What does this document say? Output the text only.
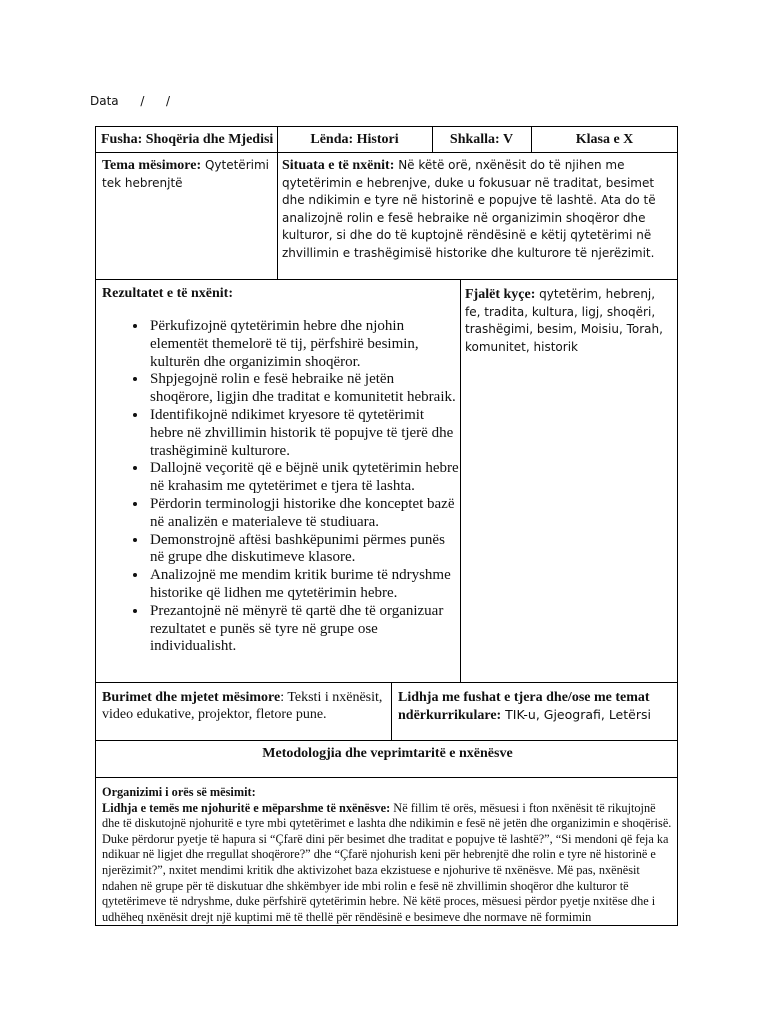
Data / /
Fusha: Shoqëria dhe Mjedisi	Lënda: Histori	Shkalla: V	Klasa e X
Tema mësimore: Qytetërimi tek hebrenjtë
Situata e të nxënit: Në këtë orë, nxënësit do të njihen me qytetërimin e hebrenjve, duke u fokusuar në traditat, besimet dhe ndikimin e tyre në historinë e popujve të lashtë. Ata do të analizojnë rolin e fesë hebraike në organizimin shoqëror dhe kulturor, si dhe do të kuptojnë rëndësinë e këtij qytetërimi në zhvillimin e trashëgimisë historike dhe kulturore të njerëzimit.
Rezultatet e të nxënit:
• Përkufizojnë qytetërimin hebre dhe njohin elementët themelorë të tij, përfshirë besimin, kulturën dhe organizimin shoqëror.
• Shpjegojnë rolin e fesë hebraike në jetën shoqërore, ligjin dhe traditat e komunitetit hebraik.
• Identifikojnë ndikimet kryesore të qytetërimit hebre në zhvillimin historik të popujve të tjerë dhe trashëgiminë kulturore.
• Dallojnë veçoritë që e bëjnë unik qytetërimin hebre në krahasim me qytetërimet e tjera të lashta.
• Përdorin terminologji historike dhe konceptet bazë në analizën e materialeve të studiuara.
• Demonstrojnë aftësi bashkëpunimi përmes punës në grupe dhe diskutimeve klasore.
• Analizojnë me mendim kritik burime të ndryshme historike që lidhen me qytetërimin hebre.
• Prezantojnë në mënyrë të qartë dhe të organizuar rezultatet e punës së tyre në grupe ose individualisht.
Fjalët kyçe: qytetërim, hebrenj, fe, tradita, kultura, ligj, shoqëri, trashëgimi, besim, Moisiu, Torah, komunitet, historik
Burimet dhe mjetet mësimore: Teksti i nxënësit, video edukative, projektor, fletore pune.
Lidhja me fushat e tjera dhe/ose me temat ndërkurrikulare: TIK-u, Gjeografi, Letërsi
Metodologjia dhe veprimtaritë e nxënësve
Organizimi i orës së mësimit:
Lidhja e temës me njohuritë e mëparshme të nxënësve: Në fillim të orës, mësuesi i fton nxënësit të rikujtojnë dhe të diskutojnë njohuritë e tyre mbi qytetërimet e lashta dhe ndikimin e fesë në jetën dhe organizimin e shoqërisë. Duke përdorur pyetje të hapura si “Çfarë dini për besimet dhe traditat e popujve të lashtë?”, “Si mendoni që feja ka ndikuar në ligjet dhe rregullat shoqërore?” dhe “Çfarë njohurish keni për hebrenjtë dhe rolin e tyre në historinë e njerëzimit?”, nxitet mendimi kritik dhe aktivizohet baza ekzistuese e njohurive të nxënësve. Më pas, nxënësit ndahen në grupe për të diskutuar dhe shkëmbyer ide mbi rolin e fesë në zhvillimin shoqëror dhe kulturor të qytetërimeve të ndryshme, duke përfshirë qytetërimin hebre. Në këtë proces, mësuesi përdor pyetje nxitëse dhe i udhëheq nxënësit drejt një kuptimi më të thellë për rëndësinë e besimeve dhe normave në formimin
